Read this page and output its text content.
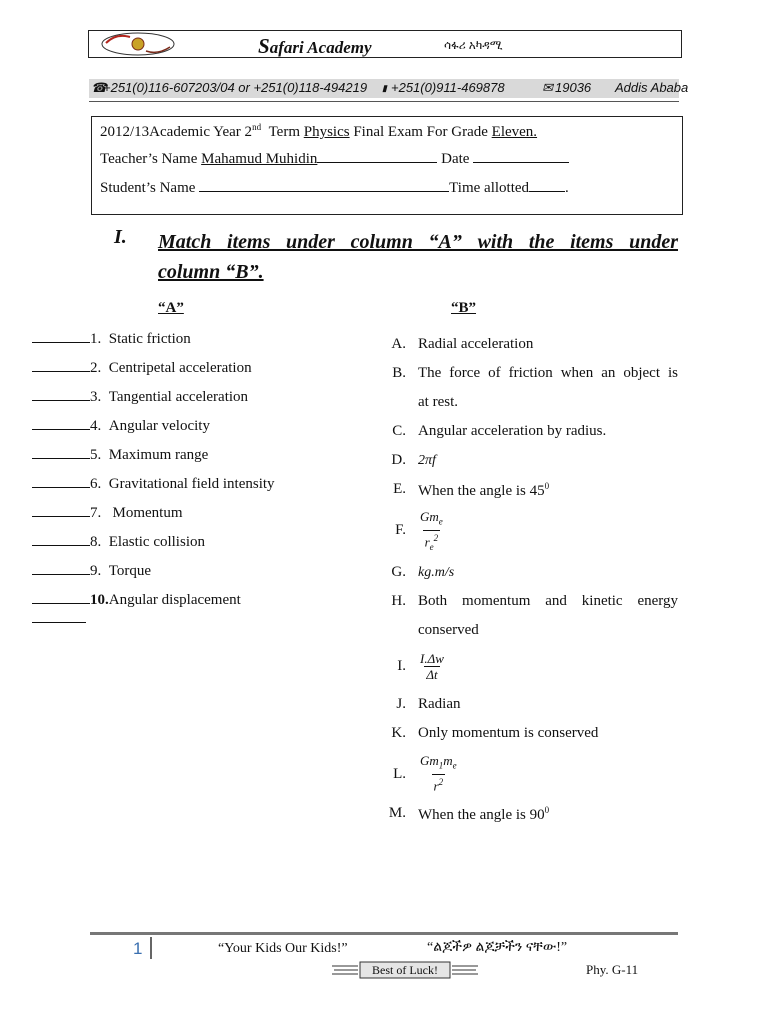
Safari Academy	ሳፋሪ አካዳሚ
☎
+251(0)116-607203/04 or +251(0)118-494219 ▮ +251(0)911-469878	✉ 19036 Addis Ababa
2012/13Academic Year 2nd Term Physics Final Exam For Grade Eleven.
Teacher’s Name Mahamud Muhidin	Date
Student’s Name	Time allotted .
I. Match items under column “A” with the items under
column “B”.
“A”	“B”
1. Static friction
2. Centripetal acceleration
3. Tangential acceleration
4. Angular velocity
5. Maximum range
6. Gravitational field intensity
7. Momentum
8. Elastic collision
9. Torque
10.Angular displacement
A. Radial acceleration
B. The force of friction when an object is
at rest.
C. Angular acceleration by radius.
D. 2πf
E. When the angle is $45^0$
F. $\frac{Gm_e}{r_e^2}$
G. kg.m/s
H. Both momentum and kinetic energy
conserved
I. $\frac{I.\Delta w}{\Delta t}$
J. Radian
K. Only momentum is conserved
L. $\frac{Gm_1m_e}{r^2}$
M. When the angle is $90^0$
1	“Your Kids Our Kids!”	“ልጆችዎ ልጆቻችን ናቸው!”
Best of Luck!	Phy. G-11
